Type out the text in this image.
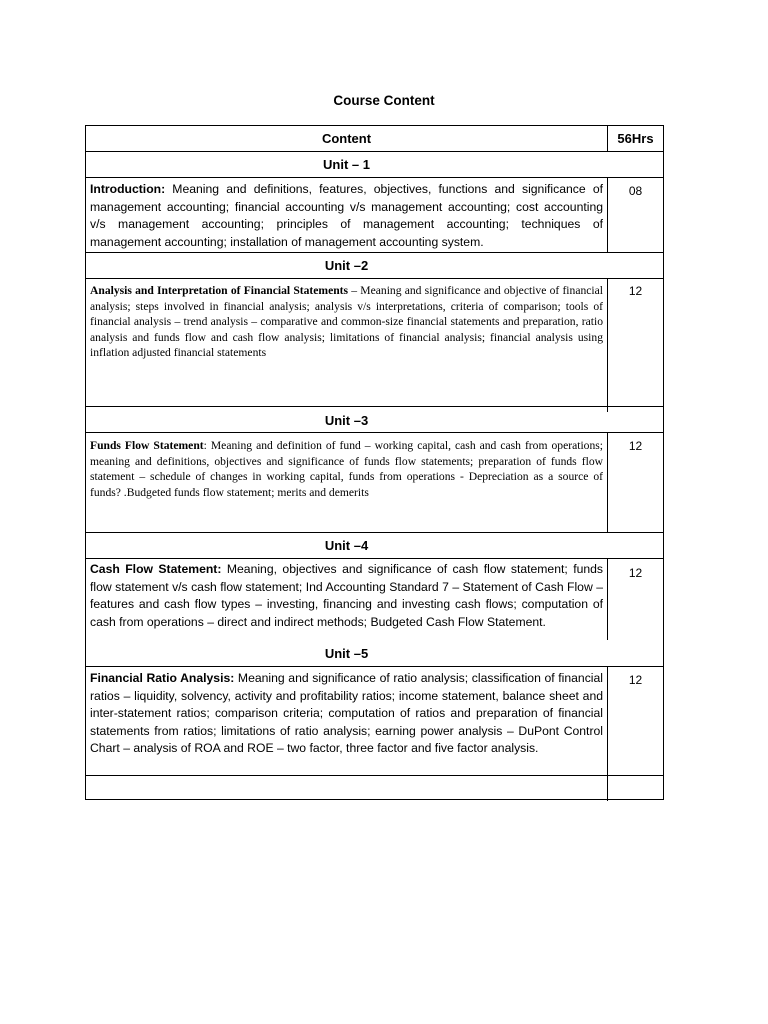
Course Content
Content	56Hrs
Unit – 1

Introduction: Meaning and definitions, features, objectives, functions and significance of management accounting; financial accounting v/s management accounting; cost accounting v/s management accounting; principles of management accounting; techniques of management accounting; installation of management accounting system.

08
Unit –2

Analysis and Interpretation of Financial Statements – Meaning and significance and objective of financial analysis; steps involved in financial analysis; analysis v/s interpretations, criteria of comparison; tools of financial analysis – trend analysis – comparative and common-size financial statements and preparation, ratio analysis and funds flow and cash flow analysis; limitations of financial analysis; financial analysis using inflation adjusted financial statements

12
Unit –3

Funds Flow Statement: Meaning and definition of fund – working capital, cash and cash from operations; meaning and definitions, objectives and significance of funds flow statements; preparation of funds flow statement – schedule of changes in working capital, funds from operations - Depreciation as a source of funds? .Budgeted funds flow statement; merits and demerits

12
Unit –4

Cash Flow Statement: Meaning, objectives and significance of cash flow statement; funds flow statement v/s cash flow statement; Ind Accounting Standard 7 – Statement of Cash Flow – features and cash flow types – investing, financing and investing cash flows; computation of cash from operations – direct and indirect methods; Budgeted Cash Flow Statement.

12
Unit –5

Financial Ratio Analysis: Meaning and significance of ratio analysis; classification of financial ratios – liquidity, solvency, activity and profitability ratios; income statement, balance sheet and inter-statement ratios; comparison criteria; computation of ratios and preparation of financial statements from ratios; limitations of ratio analysis; earning power analysis – DuPont Control Chart – analysis of ROA and ROE – two factor, three factor and five factor analysis.

12
